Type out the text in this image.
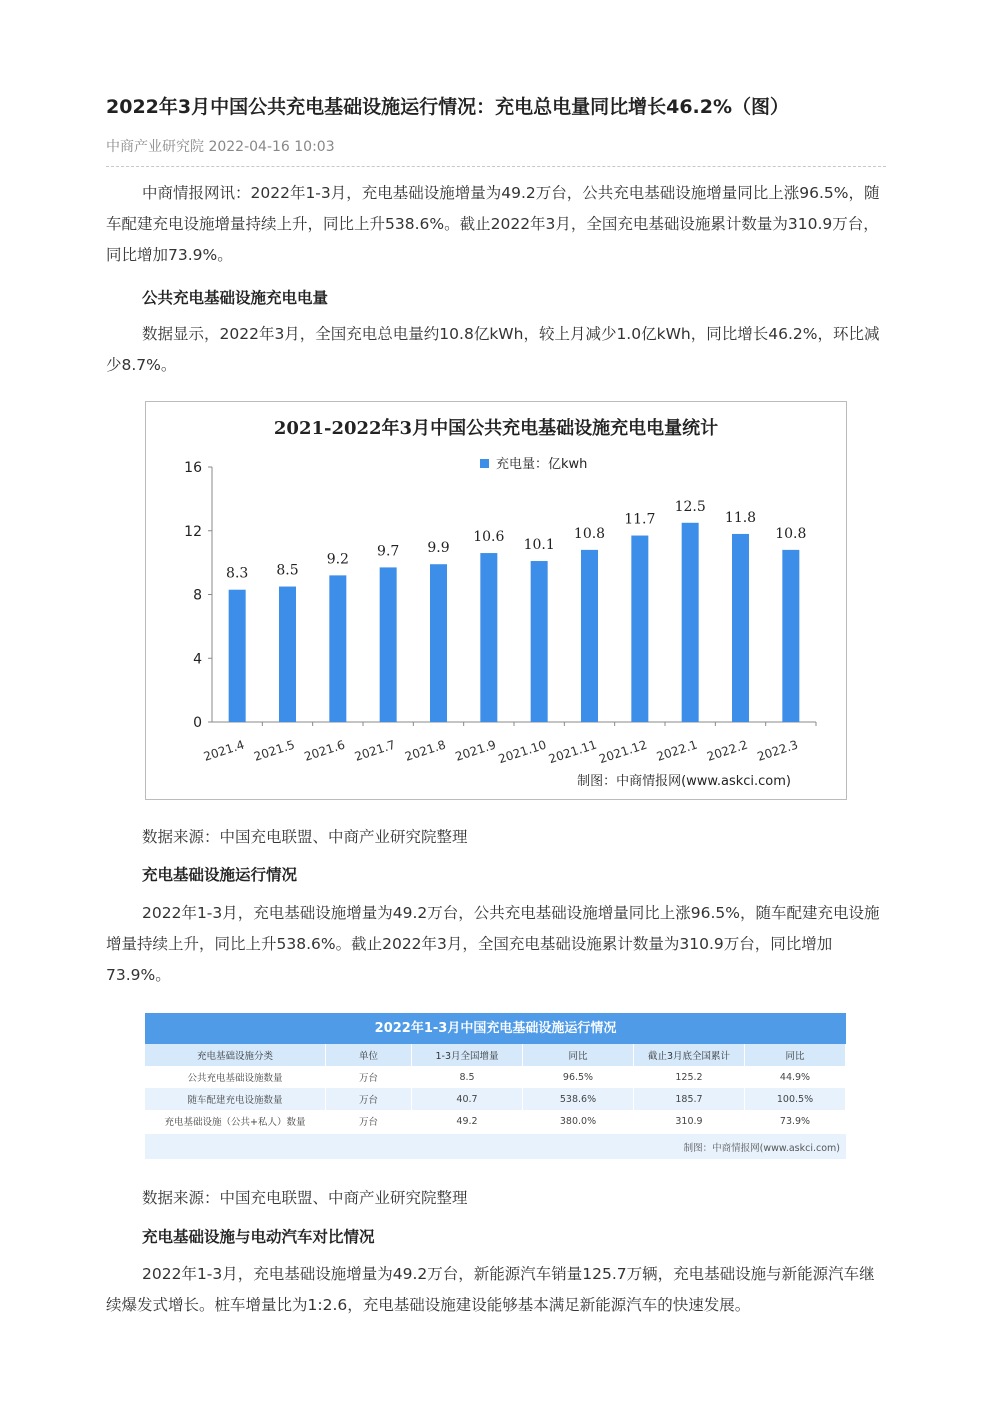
2022年3月中国公共充电基础设施运行情况：充电总电量同比增长46.2%（图）
中商产业研究院 2022-04-16 10:03

中商情报网讯：2022年1-3月，充电基础设施增量为49.2万台，公共充电基础设施增量同比上涨96.5%，随车配建充电设施增量持续上升，同比上升538.6%。截止2022年3月，全国充电基础设施累计数量为310.9万台，同比增加73.9%。

公共充电基础设施充电电量

数据显示，2022年3月，全国充电总电量约10.8亿kWh，较上月减少1.0亿kWh，同比增长46.2%，环比减少8.7%。

数据来源：中国充电联盟、中商产业研究院整理
充电基础设施运行情况

2022年1-3月，充电基础设施增量为49.2万台，公共充电基础设施增量同比上涨96.5%，随车配建充电设施增量持续上升，同比上升538.6%。截止2022年3月，全国充电基础设施累计数量为310.9万台，同比增加73.9%。

数据来源：中国充电联盟、中商产业研究院整理
充电基础设施与电动汽车对比情况

2022年1-3月，充电基础设施增量为49.2万台，新能源汽车销量125.7万辆，充电基础设施与新能源汽车继续爆发式增长。桩车增量比为1:2.6，充电基础设施建设能够基本满足新能源汽车的快速发展。

2021-2022年3月中国公共充电基础设施充电电量统计
充电量：亿kwh
0
4
8
12
16
2021.4 2021.5 2021.6 2021.7 2021.8 2021.9
2021.10
2021.11
2021.12 2022.1 2022.2 2022.3
8.3 8.5
9.2 9.7 9.9
10.6 10.1
10.8
11.7
12.5
11.8
10.8
制图：中商情报网(www.askci.com)
2022年1-3月中国充电基础设施运行情况
充电基础设施分类	单位	1-3月全国增量	同比	截止3月底全国累计	同比
公共充电基础设施数量	万台	8.5	96.5%	125.2	44.9%
随车配建充电设施数量	万台	40.7	538.6%	185.7	100.5%
充电基础设施（公共+私人）数量	万台	49.2	380.0%	310.9	73.9%
制图：中商情报网(www.askci.com)
